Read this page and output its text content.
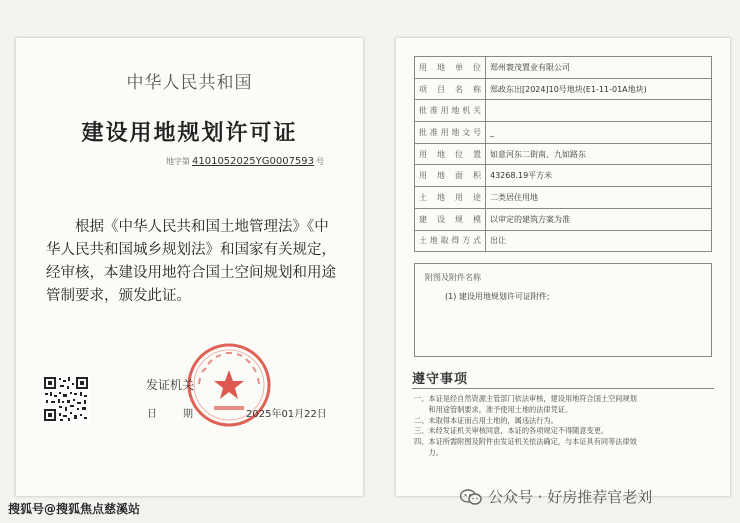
中华人民共和国
建设用地规划许可证
地字第 4101052025YG0007593 号
根据《中华人民共和国土地管理法》《中华人民共和国城乡规划法》和国家有关规定，经审核，本建设用地符合国土空间规划和用途管制要求，颁发此证。
发证机关
日	期	2025年01月22日
用 地 单 位	郑州寰茂置业有限公司
项 目 名 称	郑政东出[2024]10号地块(E1-11-01A地块)
批准用地机关	
批准用地文号	_
用 地 位 置	如意河东二街南、九如路东
用 地 面 积	43268.19平方米
土 地 用 途	二类居住用地
建 设 规 模	以审定的建筑方案为准
土地取得方式	出让
附图及附件名称
(1) 建设用地规划许可证附件;
遵守事项
一、本证是经自然资源主管部门依法审核，建设用地符合国土空间规划
　　和用途管制要求，准予使用土地的法律凭证。
二、未取得本证而占用土地的，属违法行为。
三、未经发证机关审核同意，本证的各项规定不得随意变更。
四、本证所需附图及附件由发证机关依法确定，与本证具有同等法律效
　　力。
搜狐号@搜狐焦点慈溪站
公众号 · 好房推荐官老刘
